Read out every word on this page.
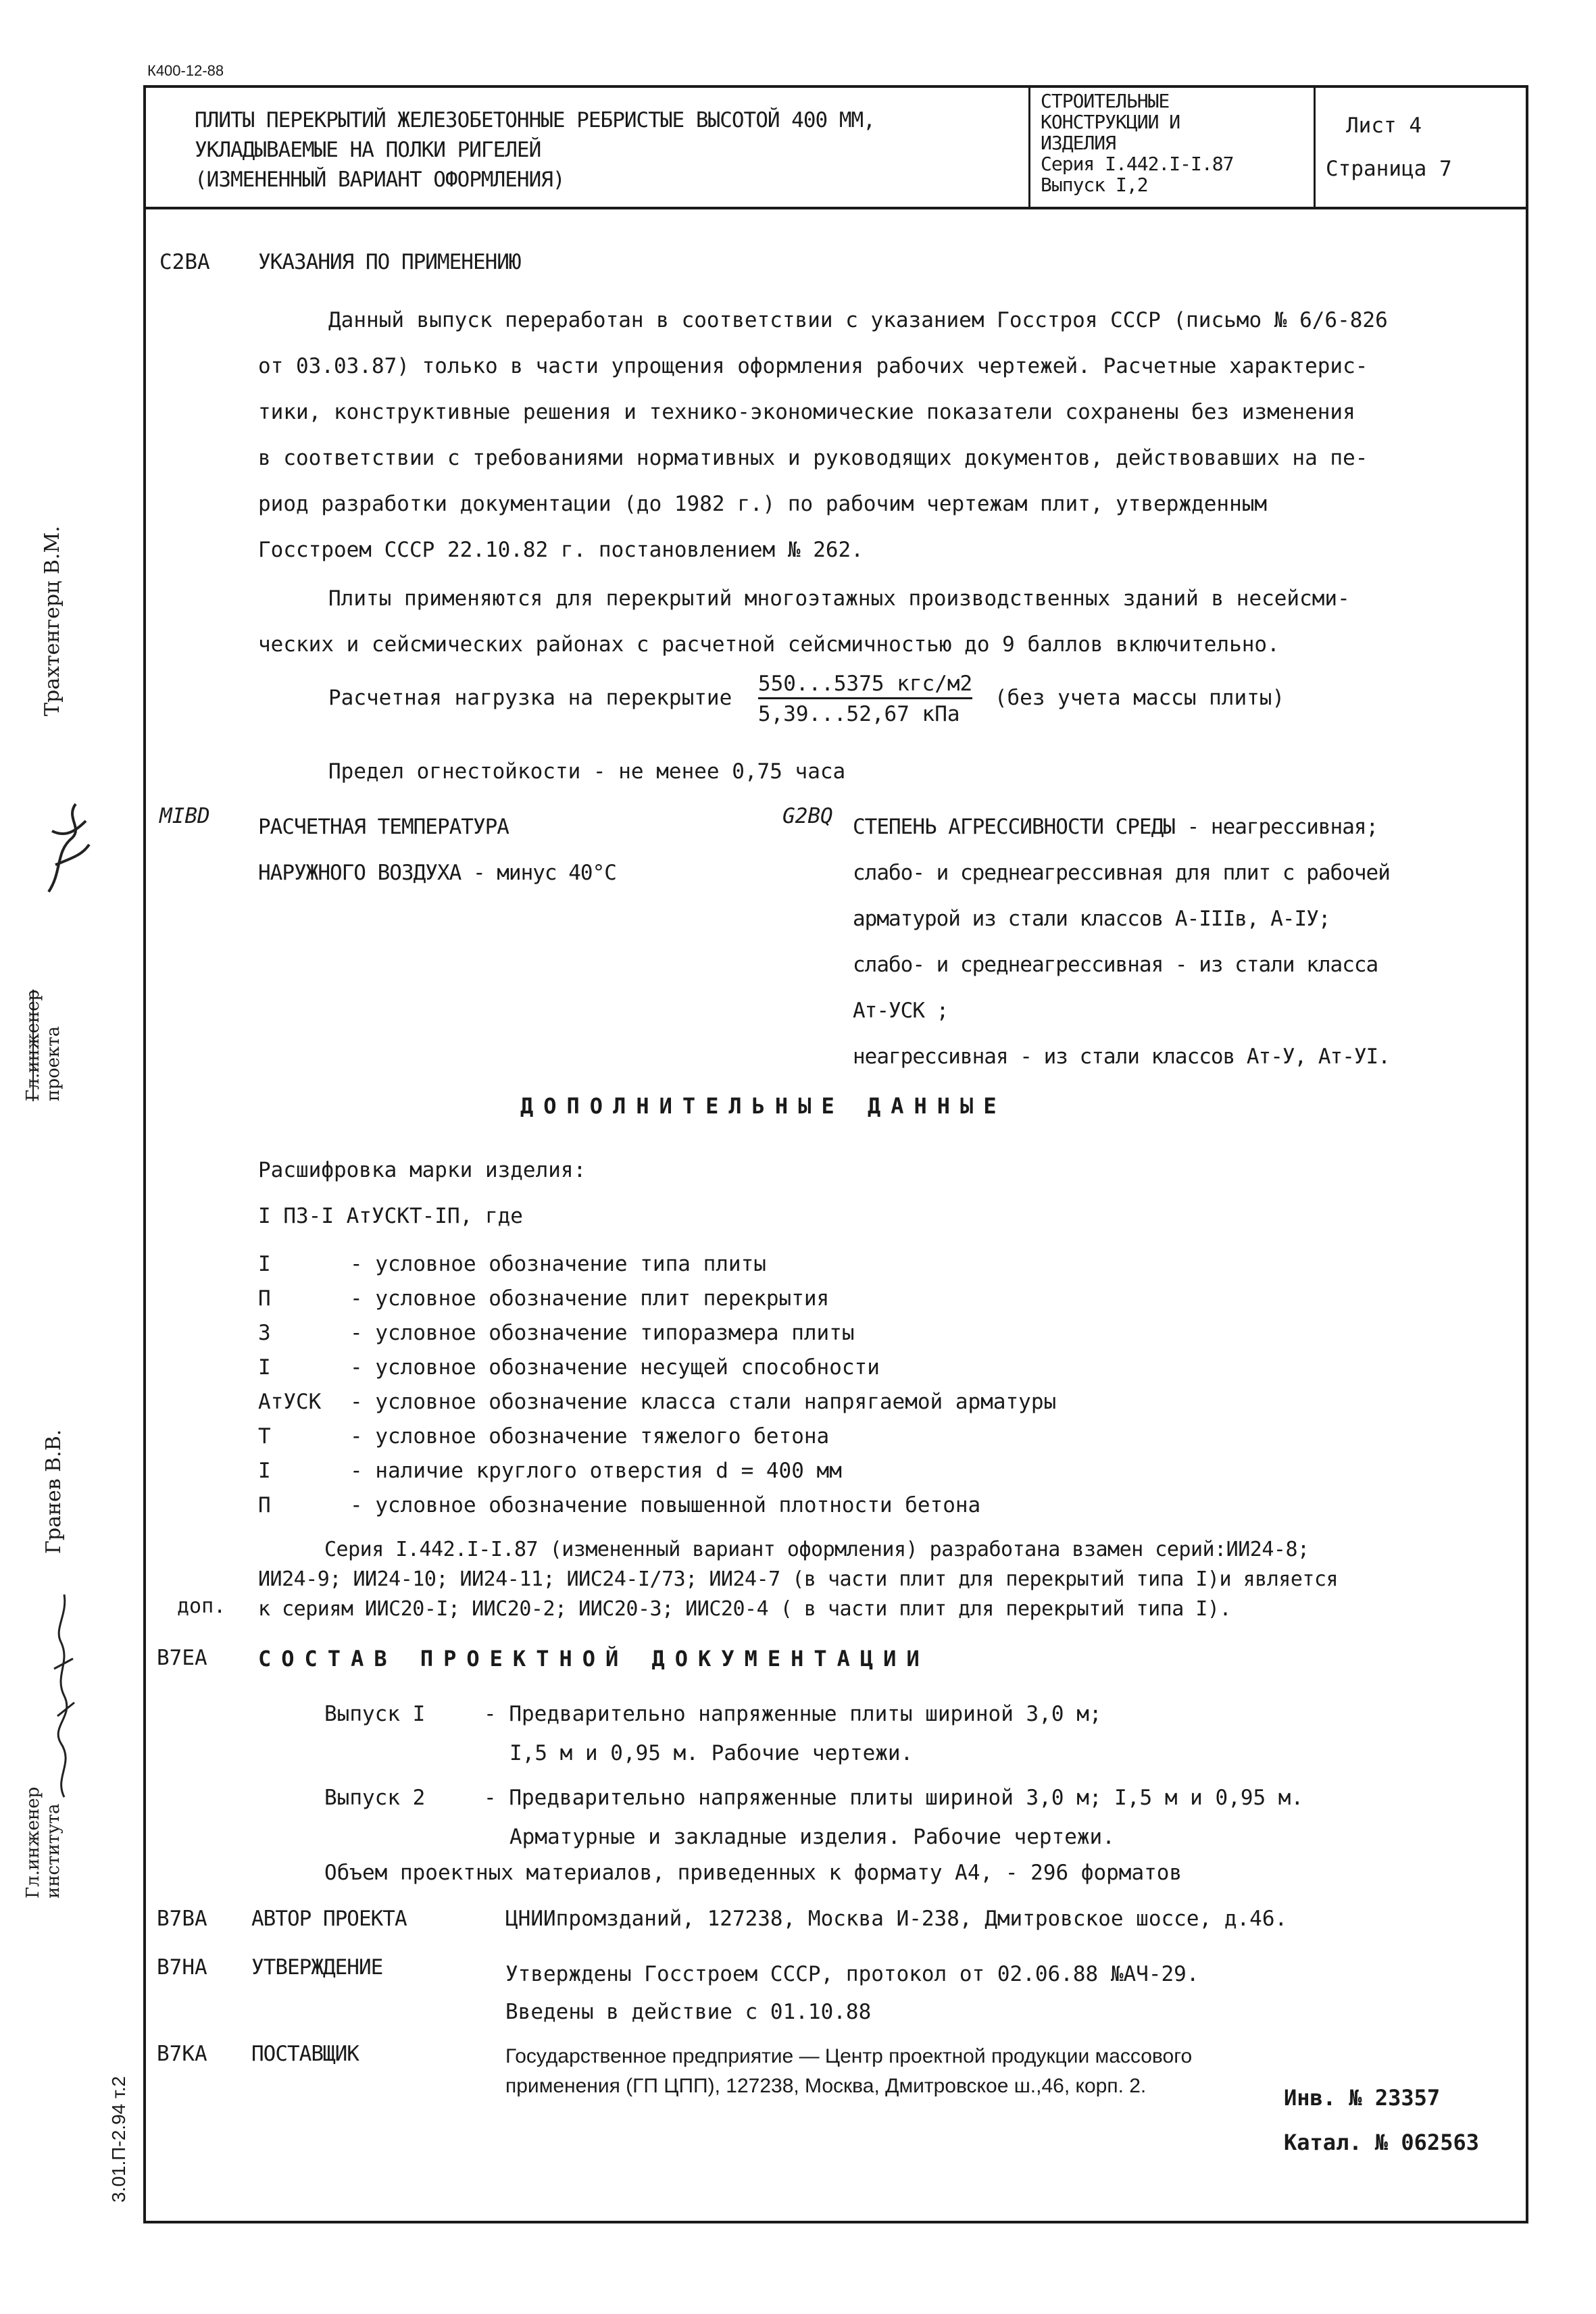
К400-12-88
ПЛИТЫ ПЕРЕКРЫТИЙ ЖЕЛЕЗОБЕТОННЫЕ РЕБРИСТЫЕ ВЫСОТОЙ 400 ММ,
УКЛАДЫВАЕМЫЕ НА ПОЛКИ РИГЕЛЕЙ
(ИЗМЕНЕННЫЙ ВАРИАНТ ОФОРМЛЕНИЯ)
СТРОИТЕЛЬНЫЕ
КОНСТРУКЦИИ И
ИЗДЕЛИЯ
Серия I.442.I-I.87
Выпуск I,2
Лист 4
Страница 7
C2BA УКАЗАНИЯ ПО ПРИМЕНЕНИЮ
Данный выпуск переработан в соответствии с указанием Госстроя СССР (письмо № 6/6-826
от 03.03.87) только в части упрощения оформления рабочих чертежей. Расчетные характерис-
тики, конструктивные решения и технико-экономические показатели сохранены без изменения
в соответствии с требованиями нормативных и руководящих документов, действовавших на пе-
риод разработки документации (до 1982 г.) по рабочим чертежам плит, утвержденным
Госстроем СССР 22.10.82 г. постановлением № 262.
Плиты применяются для перекрытий многоэтажных производственных зданий в несейсми-
ческих и сейсмических районах с расчетной сейсмичностью до 9 баллов включительно.
Расчетная нагрузка на перекрытие $\frac{\text{550...5375 кгс/м2}}{\text{5,39...52,67 кПа}} (без$ учета массы плиты)
Предел огнестойкости - не менее 0,75 часа
MIBD РАСЧЕТНАЯ ТЕМПЕРАТУРА
НАРУЖНОГО ВОЗДУХА - минус 40°С
G2BQ СТЕПЕНЬ АГРЕССИВНОСТИ СРЕДЫ - неагрессивная;
слабо- и среднеагрессивная для плит с рабочей
арматурой из стали классов А-IIIв, А-IУ;
слабо- и среднеагрессивная - из стали класса
Ат-УСК ;
неагрессивная - из стали классов Ат-У, Ат-УI.
ДОПОЛНИТЕЛЬНЫЕ ДАННЫЕ
Расшифровка марки изделия:
I ПЗ-I АтУСКТ-IП, где
I	- условное обозначение типа плиты
П	- условное обозначение плит перекрытия
3	- условное обозначение типоразмера плиты
I	- условное обозначение несущей способности
АтУСК - условное обозначение класса стали напрягаемой арматуры
Т	- условное обозначение тяжелого бетона
I	- наличие круглого отверстия d = 400 мм
П	- условное обозначение повышенной плотности бетона
Серия I.442.I-I.87 (измененный вариант оформления) разработана взамен серий:ИИ24-8;
ИИ24-9; ИИ24-10; ИИ24-11; ИИС24-I/73; ИИ24-7 (в части плит для перекрытий типа I)и является
к сериям ИИС20-I; ИИС20-2; ИИС20-3; ИИС20-4 ( в части плит для перекрытий типа I).
доп.
B7EA СОСТАВ ПРОЕКТНОЙ ДОКУМЕНТАЦИИ
Выпуск I	- Предварительно напряженные плиты шириной 3,0 м;
I,5 м и 0,95 м. Рабочие чертежи.
Выпуск 2	- Предварительно напряженные плиты шириной 3,0 м; I,5 м и 0,95 м.
Арматурные и закладные изделия. Рабочие чертежи.
Объем проектных материалов, приведенных к формату А4, - 296 форматов
B7BA АВТОР ПРОЕКТА	ЦНИИпромзданий, 127238, Москва И-238, Дмитровское шоссе, д.46.
B7HA УТВЕРЖДЕНИЕ	Утверждены Госстроем СССР, протокол от 02.06.88 №АЧ-29.
Введены в действие с 01.10.88
B7KA ПОСТАВЩИК	Государственное предприятие — Центр проектной продукции массового
применения (ГП ЦПП), 127238, Москва, Дмитровское ш.,46, корп. 2.	Инв. № 23357
Катал. № 062563
Трахтенгерц В.М.
Гл.инженер проекта
Гранев В.В.
Гл.инженер института
3.01.П-2.94 т.2
